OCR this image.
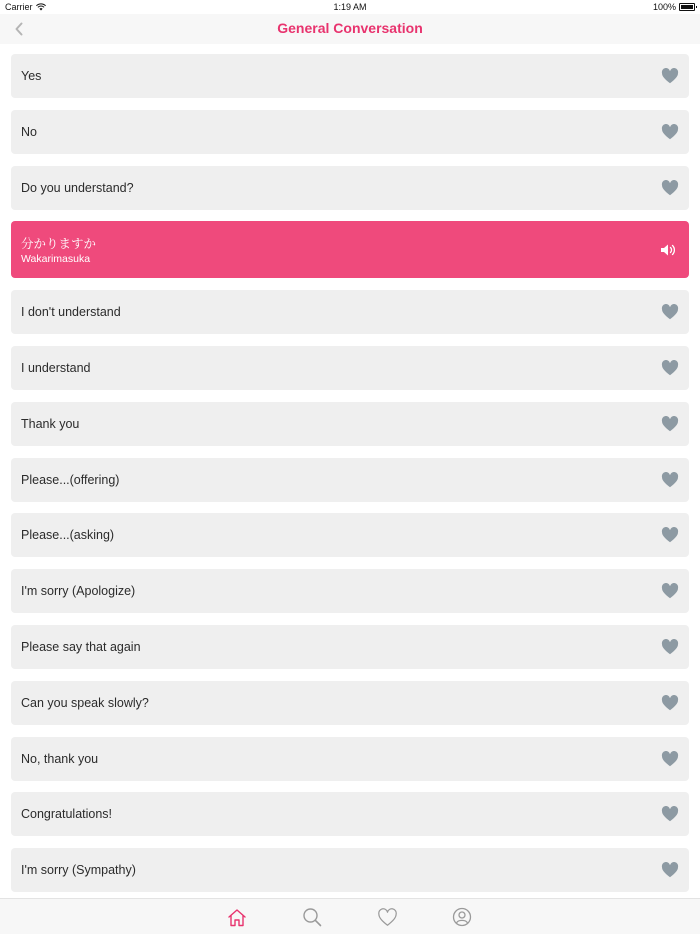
Carrier	1:19 AM	100%
General Conversation
Yes
No
Do you understand?
分かりますか
Wakarimasuka
I don't understand
I understand
Thank you
Please...(offering)
Please...(asking)
I'm sorry (Apologize)
Please say that again
Can you speak slowly?
No, thank you
Congratulations!
I'm sorry (Sympathy)
